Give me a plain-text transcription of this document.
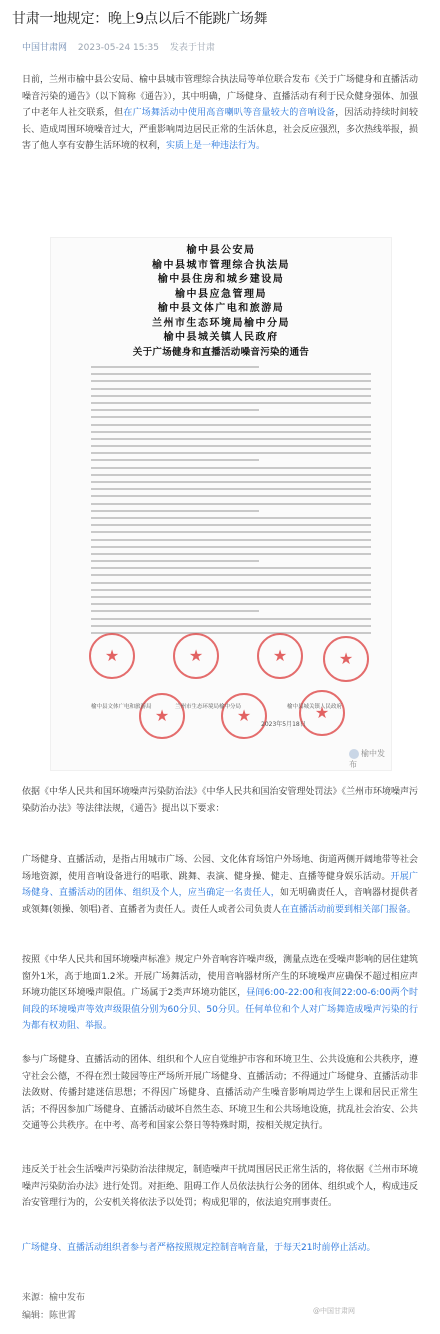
甘肃一地规定：晚上9点以后不能跳广场舞
中国甘肃网 2023-05-24 15:35 发表于甘肃
日前，兰州市榆中县公安局、榆中县城市管理综合执法局等单位联合发布《关于广场健身和直播活动噪音污染的通告》（以下简称《通告》），其中明确，广场健身、直播活动有利于民众健身强体、加强了中老年人社交联系，但在广场舞活动中使用高音喇叭等音量较大的音响设备，因活动持续时间较长、造成周围环境噪音过大，严重影响周边居民正常的生活休息，社会反应强烈，多次热线举报，损害了他人享有安静生活环境的权利，实质上是一种违法行为。
榆中县公安局
榆中县城市管理综合执法局
榆中县住房和城乡建设局
榆中县应急管理局
榆中县文体广电和旅游局
兰州市生态环境局榆中分局
榆中县城关镇人民政府
关于广场健身和直播活动噪音污染的通告
★
★
★
★
★
★
★
榆中县文体广电和旅游局	兰州市生态环境局榆中分局	榆中县城关镇人民政府
2023年5月18日
榆中发布
依据《中华人民共和国环境噪声污染防治法》《中华人民共和国治安管理处罚法》《兰州市环境噪声污染防治办法》等法律法规，《通告》提出以下要求：
广场健身、直播活动，是指占用城市广场、公园、文化体育场馆户外场地、街道两侧开阔地带等社会场地资源，使用音响设备进行的唱歌、跳舞、表演、健身操、健走、直播等健身娱乐活动。开展广场健身、直播活动的团体、组织及个人，应当确定一名责任人，如无明确责任人，音响器材提供者或领舞(领操、领唱)者、直播者为责任人。责任人或者公司负责人在直播活动前要到相关部门报备。
按照《中华人民共和国环境噪声标准》规定户外音响容许噪声级，测量点选在受噪声影响的居住建筑窗外1米，高于地面1.2米。开展广场舞活动，使用音响器材所产生的环境噪声应确保不超过相应声环境功能区环境噪声限值。广场属于2类声环境功能区，昼间6:00-22:00和夜间22:00-6:00两个时间段的环境噪声等效声级限值分别为60分贝、50分贝。任何单位和个人对广场舞造成噪声污染的行为都有权劝阻、举报。
参与广场健身、直播活动的团体、组织和个人应自觉维护市容和环境卫生、公共设施和公共秩序，遵守社会公德，不得在烈士陵园等庄严场所开展广场健身、直播活动；不得通过广场健身、直播活动非法敛财、传播封建迷信思想；不得因广场健身、直播活动产生噪音影响周边学生上课和居民正常生活；不得因参加广场健身、直播活动破坏自然生态、环境卫生和公共场地设施，扰乱社会治安、公共交通等公共秩序。在中考、高考和国家公祭日等特殊时期，按相关规定执行。
违反关于社会生活噪声污染防治法律规定，制造噪声干扰周围居民正常生活的，将依据《兰州市环境噪声污染防治办法》进行处罚。对拒绝、阻碍工作人员依法执行公务的团体、组织或个人，构成违反治安管理行为的，公安机关将依法予以处罚；构成犯罪的，依法追究刑事责任。
广场健身、直播活动组织者参与者严格按照规定控制音响音量，于每天21时前停止活动。
来源：榆中发布
编辑：陈世霄	@中国甘肃网
